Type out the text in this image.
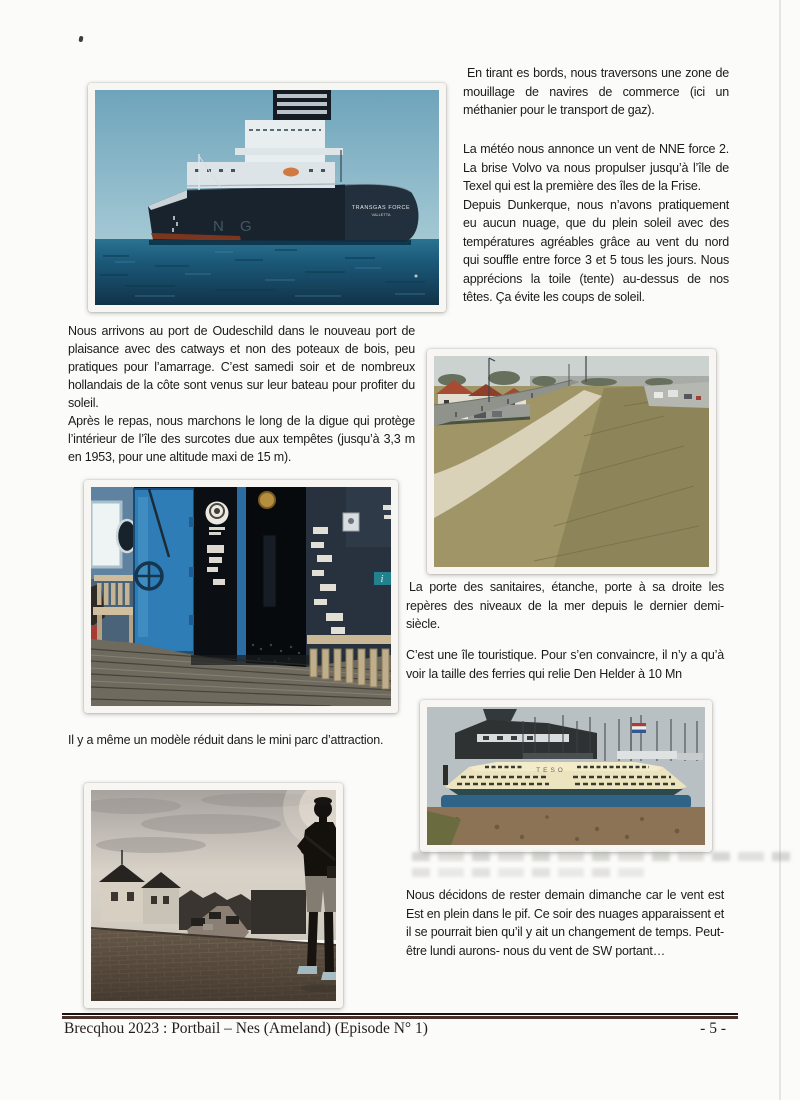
N G
TRANSGAS FORCE
VALLETTA
i
TESO

En tirant es bords, nous traversons une zone de mouillage de navires de commerce (ici un méthanier pour le transport de gaz).

La météo nous annonce un vent de NNE force 2. La brise Volvo va nous propulser jusqu’à l’île de Texel qui est la première des îles de la Frise.

Depuis Dunkerque, nous n’avons pratiquement eu aucun nuage, que du plein soleil avec des températures agréables grâce au vent du nord qui souffle entre force 3 et 5 tous les jours. Nous apprécions la toile (tente) au-dessus de nos têtes. Ça évite les coups de soleil.

Nous arrivons au port de Oudeschild dans le nouveau port de plaisance avec des catways et non des poteaux de bois, peu pratiques pour l’amarrage. C’est samedi soir et de nombreux hollandais de la côte sont venus sur leur bateau pour profiter du soleil.

Après le repas, nous marchons le long de la digue qui protège l’intérieur de l’île des surcotes due aux tempêtes (jusqu’à 3,3 m en 1953, pour une altitude maxi de 15 m).

La porte des sanitaires, étanche, porte à sa droite les repères des niveaux de la mer depuis le dernier demi-siècle.

C’est une île touristique. Pour s’en convaincre, il n’y a qu’à voir la taille des ferries qui relie Den Helder à 10 Mn

Il y a même un modèle réduit dans le mini parc d’attraction.

Nous décidons de rester demain dimanche car le vent est Est en plein dans le pif. Ce soir des nuages apparaissent et il se pourrait bien qu’il y ait un changement de temps. Peut-être lundi aurons- nous du vent de SW portant…

Brecqhou 2023 : Portbail – Nes (Ameland) (Episode N° 1)	- 5 -
